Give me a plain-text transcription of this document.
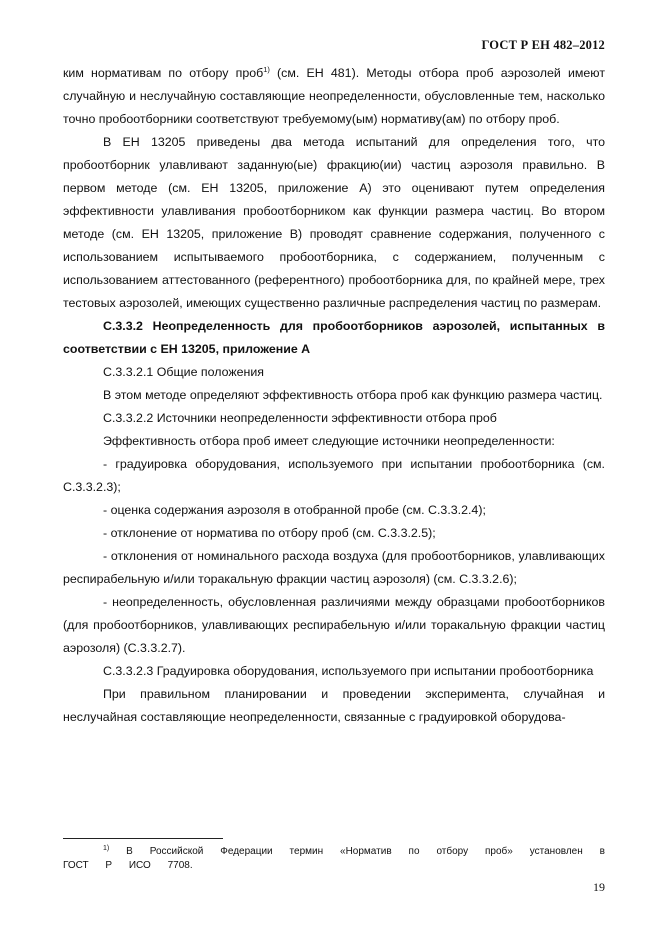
ГОСТ Р ЕН 482–2012

ким нормативам по отбору проб$^{1)}$ (см. ЕН 481). Методы отбора проб аэрозолей имеют случайную и неслучайную составляющие неопределенности, обусловленные тем, насколько точно пробоотборники соответствуют требуемому(ым) нормативу(ам) по отбору проб.

В ЕН 13205 приведены два метода испытаний для определения того, что пробоотборник улавливают заданную(ые) фракцию(ии) частиц аэрозоля правильно. В первом методе (см. ЕН 13205, приложение А) это оценивают путем определения эффективности улавливания пробоотборником как функции размера частиц. Во втором методе (см. ЕН 13205, приложение В) проводят сравнение содержания, полученного с использованием испытываемого пробоотборника, с содержанием, полученным с использованием аттестованного (референтного) пробоотборника для, по крайней мере, трех тестовых аэрозолей, имеющих существенно различные распределения частиц по размерам.

С.3.3.2 Неопределенность для пробоотборников аэрозолей, испытанных в соответствии с ЕН 13205, приложение А

С.3.3.2.1 Общие положения

В этом методе определяют эффективность отбора проб как функцию размера частиц.

С.3.3.2.2 Источники неопределенности эффективности отбора проб

Эффективность отбора проб имеет следующие источники неопределенности:

- градуировка оборудования, используемого при испытании пробоотборника (см. С.3.3.2.3);

- оценка содержания аэрозоля в отобранной пробе (см. С.3.3.2.4);

- отклонение от норматива по отбору проб (см. С.3.3.2.5);

- отклонения от номинального расхода воздуха (для пробоотборников, улавливающих респирабельную и/или торакальную фракции частиц аэрозоля) (см. С.3.3.2.6);

- неопределенность, обусловленная различиями между образцами пробоотборников (для пробоотборников, улавливающих респирабельную и/или торакальную фракции частиц аэрозоля) (С.3.3.2.7).

С.3.3.2.3 Градуировка оборудования, используемого при испытании пробоотборника

При правильном планировании и проведении эксперимента, случайная и неслучайная составляющие неопределенности, связанные с градуировкой оборудова-

$^{1)}$ В Российской Федерации термин «Норматив по отбору проб» установлен в ГОСТ Р ИСО 7708.
19
